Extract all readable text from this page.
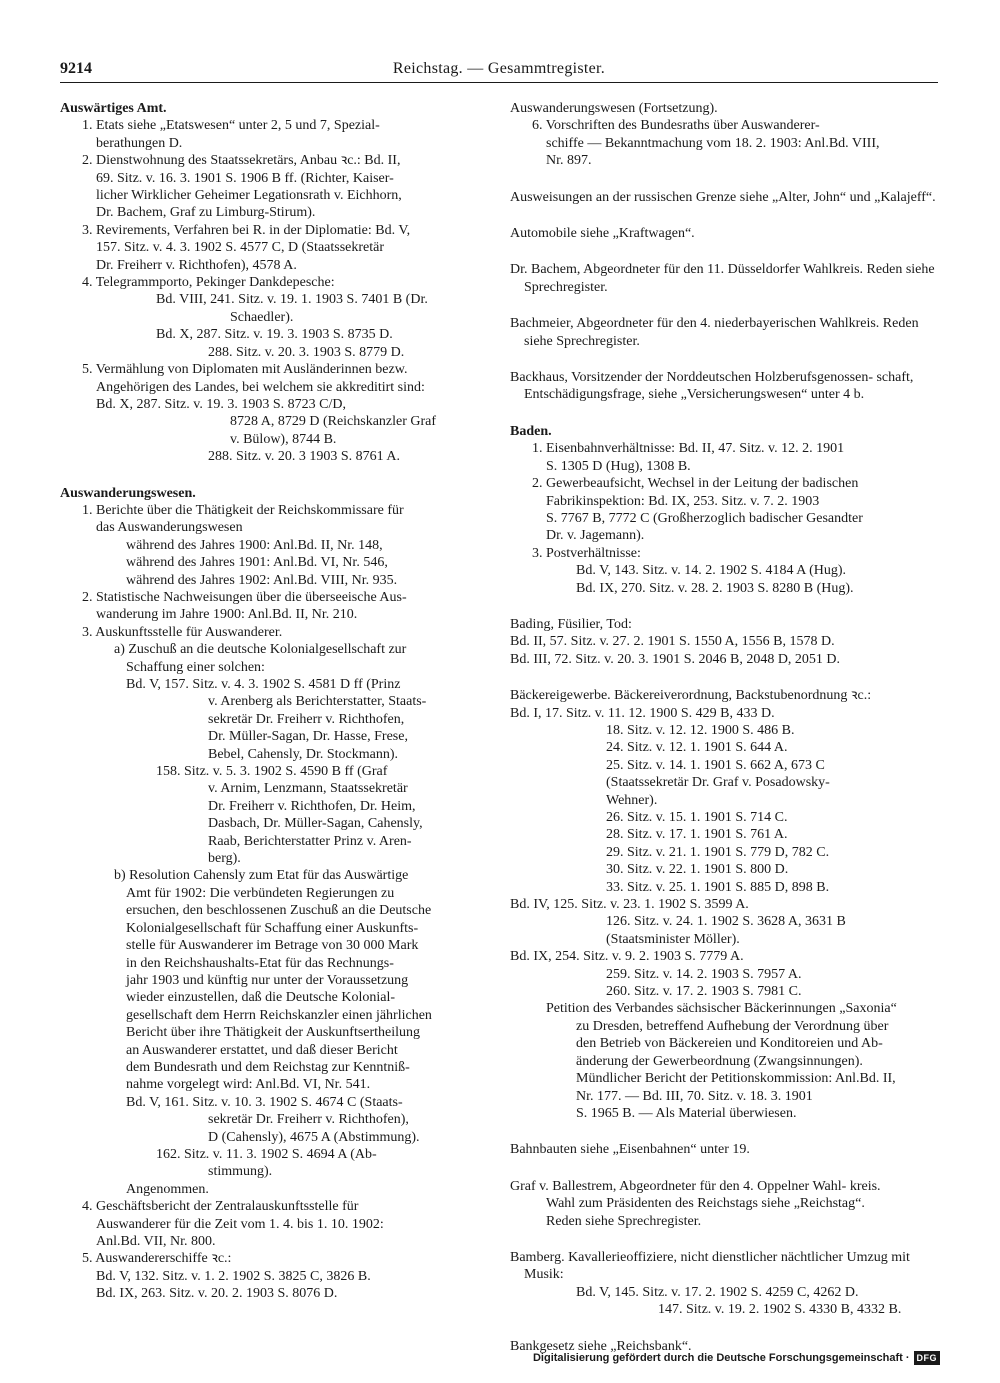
9214	Reichstag. — Gesammtregister.

Auswärtiges Amt.

1. Etats siehe „Etatswesen“ unter 2, 5 und 7, Spezial-

berathungen D.

2. Dienstwohnung des Staatssekretärs, Anbau ꝛc.: Bd. II,

69. Sitz. v. 16. 3. 1901 S. 1906 B ff. (Richter, Kaiser-

licher Wirklicher Geheimer Legationsrath v. Eichhorn,

Dr. Bachem, Graf zu Limburg-Stirum).

3. Revirements, Verfahren bei R. in der Diplomatie: Bd. V,

157. Sitz. v. 4. 3. 1902 S. 4577 C, D (Staatssekretär

Dr. Freiherr v. Richthofen), 4578 A.

4. Telegrammporto, Pekinger Dankdepesche:

Bd. VIII, 241. Sitz. v. 19. 1. 1903 S. 7401 B (Dr.

Schaedler).

Bd. X, 287. Sitz. v. 19. 3. 1903 S. 8735 D.

288. Sitz. v. 20. 3. 1903 S. 8779 D.

5. Vermählung von Diplomaten mit Ausländerinnen bezw.

Angehörigen des Landes, bei welchem sie akkreditirt sind:

Bd. X, 287. Sitz. v. 19. 3. 1903 S. 8723 C/D,

8728 A, 8729 D (Reichskanzler Graf

v. Bülow), 8744 B.

288. Sitz. v. 20. 3 1903 S. 8761 A.

Auswanderungswesen.

1. Berichte über die Thätigkeit der Reichskommissare für

das Auswanderungswesen

während des Jahres 1900: Anl.Bd. II, Nr. 148,

während des Jahres 1901: Anl.Bd. VI, Nr. 546,

während des Jahres 1902: Anl.Bd. VIII, Nr. 935.

2. Statistische Nachweisungen über die überseeische Aus-

wanderung im Jahre 1900: Anl.Bd. II, Nr. 210.

3. Auskunftsstelle für Auswanderer.

a) Zuschuß an die deutsche Kolonialgesellschaft zur

Schaffung einer solchen:

Bd. V, 157. Sitz. v. 4. 3. 1902 S. 4581 D ff (Prinz

v. Arenberg als Berichterstatter, Staats-

sekretär Dr. Freiherr v. Richthofen,

Dr. Müller-Sagan, Dr. Hasse, Frese,

Bebel, Cahensly, Dr. Stockmann).

158. Sitz. v. 5. 3. 1902 S. 4590 B ff (Graf

v. Arnim, Lenzmann, Staatssekretär

Dr. Freiherr v. Richthofen, Dr. Heim,

Dasbach, Dr. Müller-Sagan, Cahensly,

Raab, Berichterstatter Prinz v. Aren-

berg).

b) Resolution Cahensly zum Etat für das Auswärtige

Amt für 1902: Die verbündeten Regierungen zu

ersuchen, den beschlossenen Zuschuß an die Deutsche

Kolonialgesellschaft für Schaffung einer Auskunfts-

stelle für Auswanderer im Betrage von 30 000 Mark

in den Reichshaushalts-Etat für das Rechnungs-

jahr 1903 und künftig nur unter der Voraussetzung

wieder einzustellen, daß die Deutsche Kolonial-

gesellschaft dem Herrn Reichskanzler einen jährlichen

Bericht über ihre Thätigkeit der Auskunftsertheilung

an Auswanderer erstattet, und daß dieser Bericht

dem Bundesrath und dem Reichstag zur Kenntniß-

nahme vorgelegt wird: Anl.Bd. VI, Nr. 541.

Bd. V, 161. Sitz. v. 10. 3. 1902 S. 4674 C (Staats-

sekretär Dr. Freiherr v. Richthofen),

D (Cahensly), 4675 A (Abstimmung).

162. Sitz. v. 11. 3. 1902 S. 4694 A (Ab-

stimmung).

Angenommen.

4. Geschäftsbericht der Zentralauskunftsstelle für

Auswanderer für die Zeit vom 1. 4. bis 1. 10. 1902:

Anl.Bd. VII, Nr. 800.

5. Auswandererschiffe ꝛc.:

Bd. V, 132. Sitz. v. 1. 2. 1902 S. 3825 C, 3826 B.

Bd. IX, 263. Sitz. v. 20. 2. 1903 S. 8076 D.

Auswanderungswesen (Fortsetzung).

6. Vorschriften des Bundesraths über Auswanderer-

schiffe — Bekanntmachung vom 18. 2. 1903: Anl.Bd. VIII,

Nr. 897.

Ausweisungen an der russischen Grenze siehe „Alter, John“ und „Kalajeff“.

Automobile siehe „Kraftwagen“.

Dr. Bachem, Abgeordneter für den 11. Düsseldorfer Wahlkreis. Reden siehe Sprechregister.

Bachmeier, Abgeordneter für den 4. niederbayerischen Wahlkreis. Reden siehe Sprechregister.

Backhaus, Vorsitzender der Norddeutschen Holzberufsgenossen- schaft, Entschädigungsfrage, siehe „Versicherungswesen“ unter 4 b.

Baden.

1. Eisenbahnverhältnisse: Bd. II, 47. Sitz. v. 12. 2. 1901

S. 1305 D (Hug), 1308 B.

2. Gewerbeaufsicht, Wechsel in der Leitung der badischen

Fabrikinspektion: Bd. IX, 253. Sitz. v. 7. 2. 1903

S. 7767 B, 7772 C (Großherzoglich badischer Gesandter

Dr. v. Jagemann).

3. Postverhältnisse:

Bd. V, 143. Sitz. v. 14. 2. 1902 S. 4184 A (Hug).

Bd. IX, 270. Sitz. v. 28. 2. 1903 S. 8280 B (Hug).

Bading, Füsilier, Tod:

Bd. II, 57. Sitz. v. 27. 2. 1901 S. 1550 A, 1556 B, 1578 D.

Bd. III, 72. Sitz. v. 20. 3. 1901 S. 2046 B, 2048 D, 2051 D.

Bäckereigewerbe. Bäckereiverordnung, Backstubenordnung ꝛc.:

Bd. I, 17. Sitz. v. 11. 12. 1900 S. 429 B, 433 D.

18. Sitz. v. 12. 12. 1900 S. 486 B.

24. Sitz. v. 12. 1. 1901 S. 644 A.

25. Sitz. v. 14. 1. 1901 S. 662 A, 673 C

(Staatssekretär Dr. Graf v. Posadowsky-

Wehner).

26. Sitz. v. 15. 1. 1901 S. 714 C.

28. Sitz. v. 17. 1. 1901 S. 761 A.

29. Sitz. v. 21. 1. 1901 S. 779 D, 782 C.

30. Sitz. v. 22. 1. 1901 S. 800 D.

33. Sitz. v. 25. 1. 1901 S. 885 D, 898 B.

Bd. IV, 125. Sitz. v. 23. 1. 1902 S. 3599 A.

126. Sitz. v. 24. 1. 1902 S. 3628 A, 3631 B

(Staatsminister Möller).

Bd. IX, 254. Sitz. v. 9. 2. 1903 S. 7779 A.

259. Sitz. v. 14. 2. 1903 S. 7957 A.

260. Sitz. v. 17. 2. 1903 S. 7981 C.

Petition des Verbandes sächsischer Bäckerinnungen „Saxonia“

zu Dresden, betreffend Aufhebung der Verordnung über

den Betrieb von Bäckereien und Konditoreien und Ab-

änderung der Gewerbeordnung (Zwangsinnungen).

Mündlicher Bericht der Petitionskommission: Anl.Bd. II,

Nr. 177. — Bd. III, 70. Sitz. v. 18. 3. 1901

S. 1965 B. — Als Material überwiesen.

Bahnbauten siehe „Eisenbahnen“ unter 19.

Graf v. Ballestrem, Abgeordneter für den 4. Oppelner Wahl- kreis.

Wahl zum Präsidenten des Reichstags siehe „Reichstag“.

Reden siehe Sprechregister.

Bamberg. Kavallerieoffiziere, nicht dienstlicher nächtlicher Umzug mit Musik:

Bd. V, 145. Sitz. v. 17. 2. 1902 S. 4259 C, 4262 D.

147. Sitz. v. 19. 2. 1902 S. 4330 B, 4332 B.

Bankgesetz siehe „Reichsbank“.

Digitalisierung gefördert durch die Deutsche Forschungsgemeinschaft · DFG
